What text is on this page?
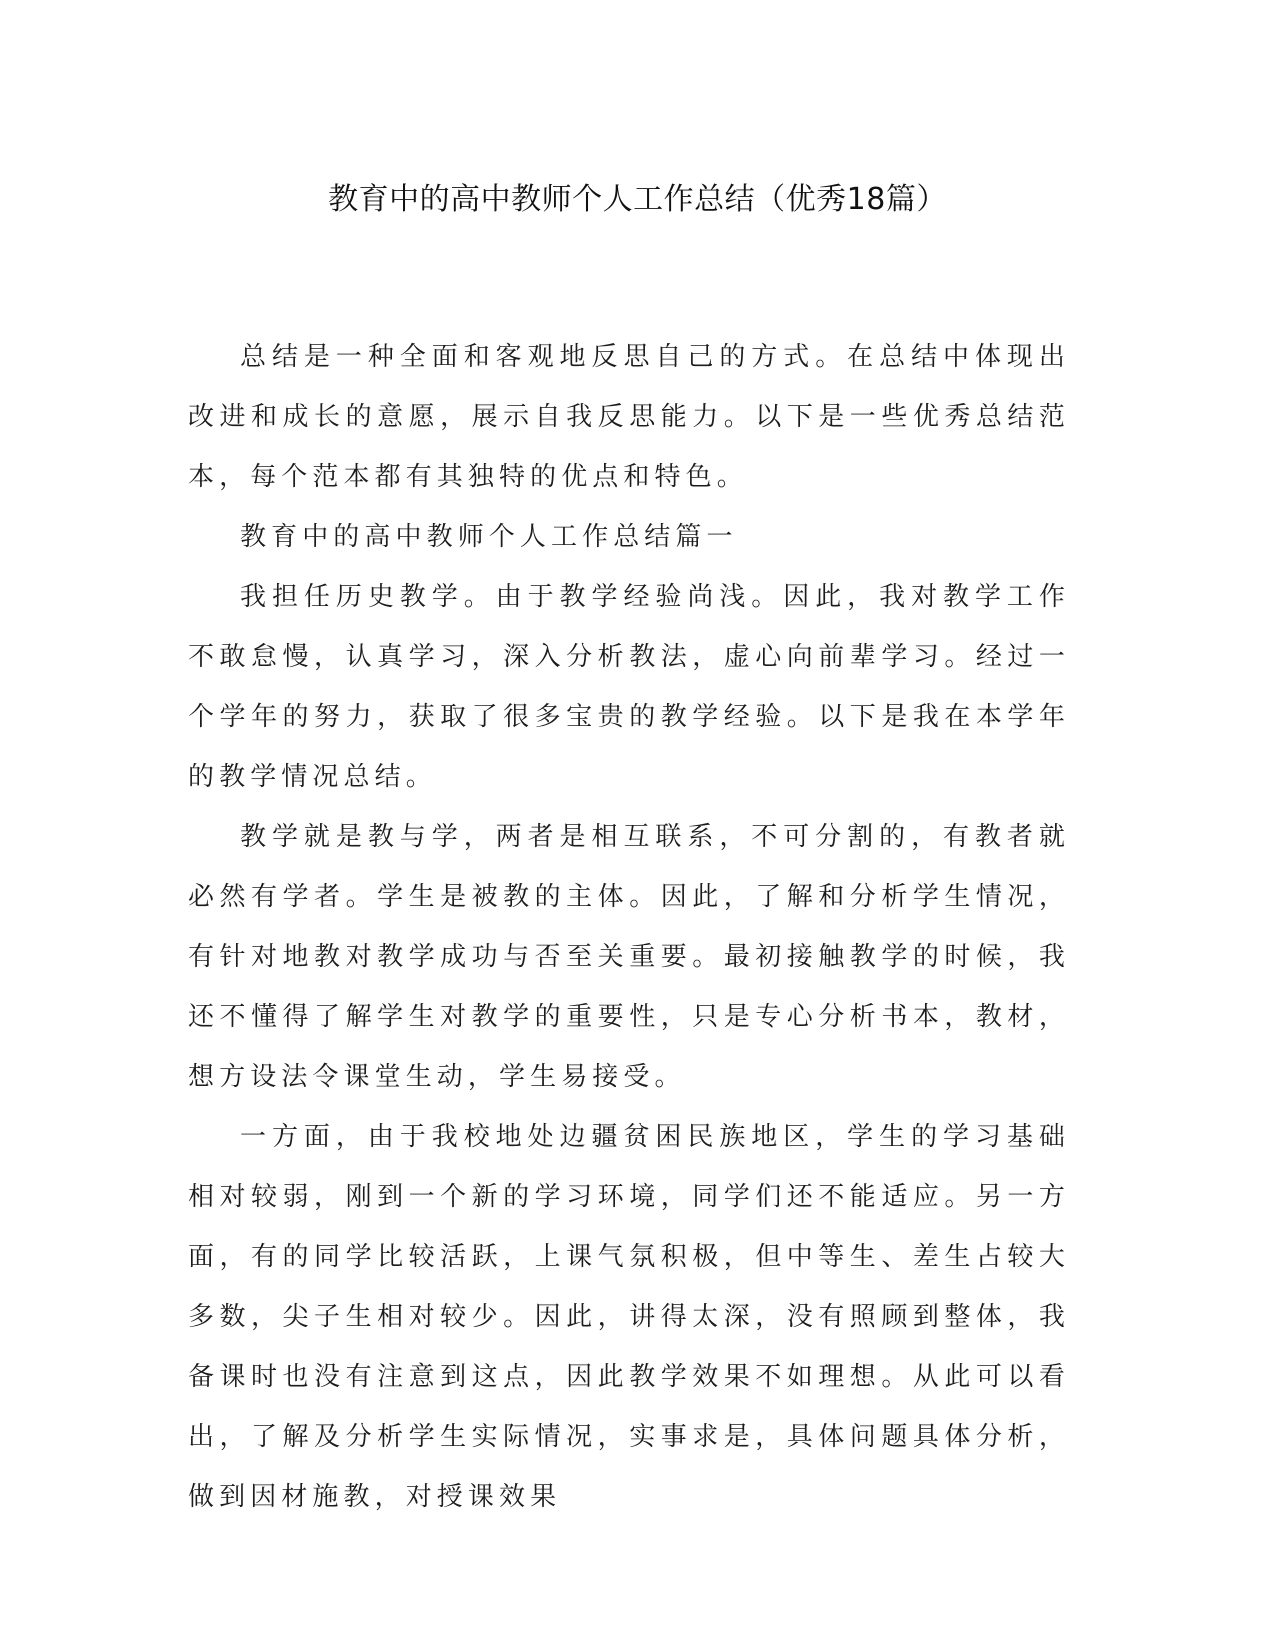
教育中的高中教师个人工作总结（优秀18篇）

总结是一种全面和客观地反思自己的方式。在总结中体现出改进和成长的意愿，展示自我反思能力。以下是一些优秀总结范本，每个范本都有其独特的优点和特色。

教育中的高中教师个人工作总结篇一

我担任历史教学。由于教学经验尚浅。因此，我对教学工作不敢怠慢，认真学习，深入分析教法，虚心向前辈学习。经过一个学年的努力，获取了很多宝贵的教学经验。以下是我在本学年的教学情况总结。

教学就是教与学，两者是相互联系，不可分割的，有教者就必然有学者。学生是被教的主体。因此，了解和分析学生情况，有针对地教对教学成功与否至关重要。最初接触教学的时候，我还不懂得了解学生对教学的重要性，只是专心分析书本，教材，想方设法令课堂生动，学生易接受。

一方面，由于我校地处边疆贫困民族地区，学生的学习基础相对较弱，刚到一个新的学习环境，同学们还不能适应。另一方面，有的同学比较活跃，上课气氛积极，但中等生、差生占较大多数，尖子生相对较少。因此，讲得太深，没有照顾到整体，我备课时也没有注意到这点，因此教学效果不如理想。从此可以看出，了解及分析学生实际情况，实事求是，具体问题具体分析，做到因材施教，对授课效果
